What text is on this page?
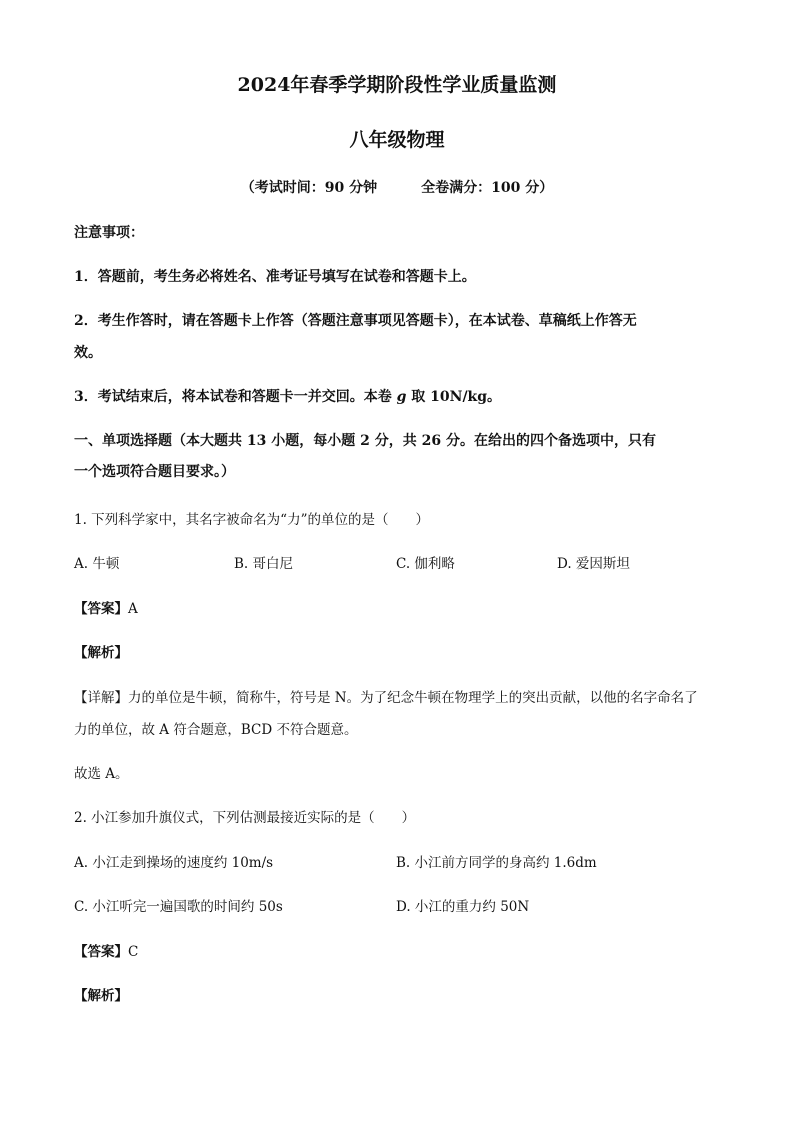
2024年春季学期阶段性学业质量监测
八年级物理
（考试时间：90 分钟	全卷满分：100 分）
注意事项：
1．答题前，考生务必将姓名、准考证号填写在试卷和答题卡上。
2．考生作答时，请在答题卡上作答（答题注意事项见答题卡），在本试卷、草稿纸上作答无
效。
3．考试结束后，将本试卷和答题卡一并交回。本卷 g 取 10N/kg。
一、单项选择题（本大题共 13 小题，每小题 2 分，共 26 分。在给出的四个备选项中，只有
一个选项符合题目要求。）
1. 下列科学家中，其名字被命名为“力”的单位的是（　　）
A. 牛顿	B. 哥白尼	C. 伽利略	D. 爱因斯坦
【答案】A
【解析】
【详解】力的单位是牛顿，简称牛，符号是 N。为了纪念牛顿在物理学上的突出贡献，以他的名字命名了
力的单位，故 A 符合题意，BCD 不符合题意。
故选 A。
2. 小江参加升旗仪式，下列估测最接近实际的是（　　）
A. 小江走到操场的速度约 10m/s	B. 小江前方同学的身高约 1.6dm
C. 小江听完一遍国歌的时间约 50s	D. 小江的重力约 50N
【答案】C
【解析】
